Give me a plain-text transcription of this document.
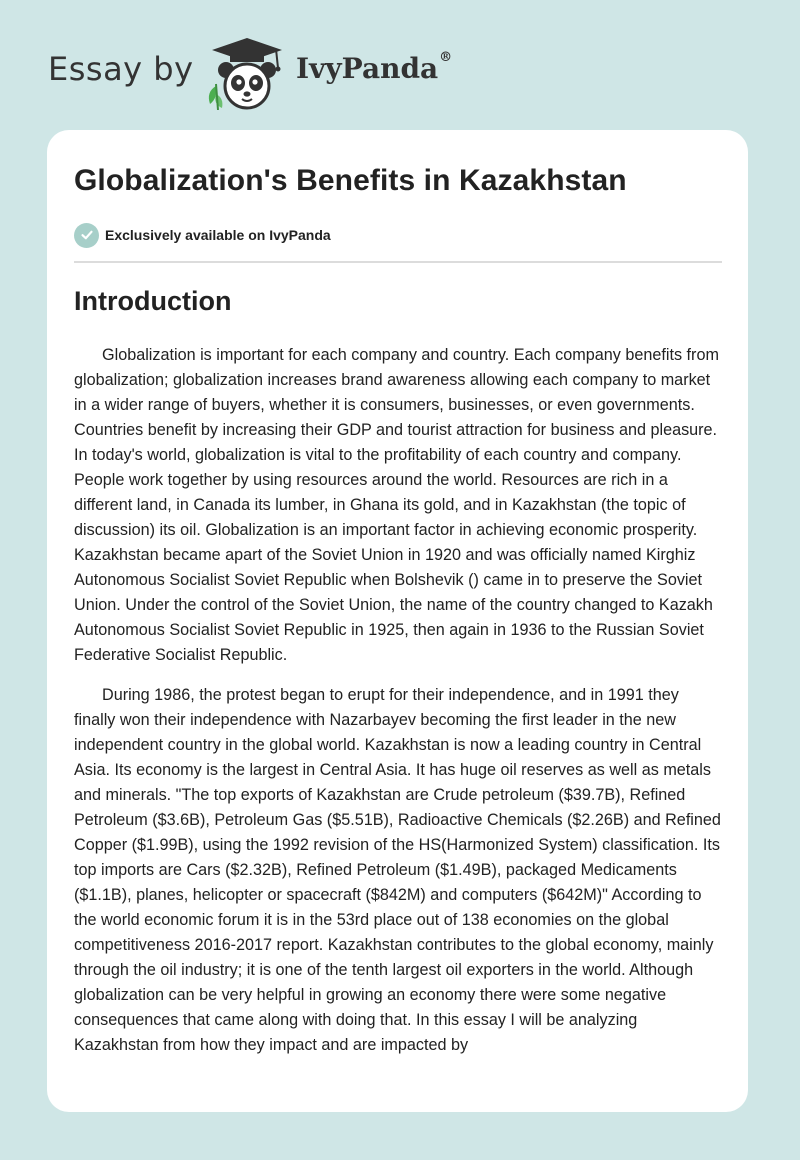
Essay by	IvyPanda®
Globalization's Benefits in Kazakhstan
Exclusively available on IvyPanda
Introduction

Globalization is important for each company and country. Each company benefits from globalization; globalization increases brand awareness allowing each company to market in a wider range of buyers, whether it is consumers, businesses, or even governments. Countries benefit by increasing their GDP and tourist attraction for business and pleasure. In today's world, globalization is vital to the profitability of each country and company. People work together by using resources around the world. Resources are rich in a different land, in Canada its lumber, in Ghana its gold, and in Kazakhstan (the topic of discussion) its oil. Globalization is an important factor in achieving economic prosperity. Kazakhstan became apart of the Soviet Union in 1920 and was officially named Kirghiz Autonomous Socialist Soviet Republic when Bolshevik () came in to preserve the Soviet Union. Under the control of the Soviet Union, the name of the country changed to Kazakh Autonomous Socialist Soviet Republic in 1925, then again in 1936 to the Russian Soviet Federative Socialist Republic.

During 1986, the protest began to erupt for their independence, and in 1991 they finally won their independence with Nazarbayev becoming the first leader in the new independent country in the global world. Kazakhstan is now a leading country in Central Asia. Its economy is the largest in Central Asia. It has huge oil reserves as well as metals and minerals. "The top exports of Kazakhstan are Crude petroleum ($39.7B), Refined Petroleum ($3.6B), Petroleum Gas ($5.51B), Radioactive Chemicals ($2.26B) and Refined Copper ($1.99B), using the 1992 revision of the HS(Harmonized System) classification. Its top imports are Cars ($2.32B), Refined Petroleum ($1.49B), packaged Medicaments ($1.1B), planes, helicopter or spacecraft ($842M) and computers ($642M)" According to the world economic forum it is in the 53rd place out of 138 economies on the global competitiveness 2016-2017 report. Kazakhstan contributes to the global economy, mainly through the oil industry; it is one of the tenth largest oil exporters in the world. Although globalization can be very helpful in growing an economy there were some negative consequences that came along with doing that. In this essay I will be analyzing Kazakhstan from how they impact and are impacted by
